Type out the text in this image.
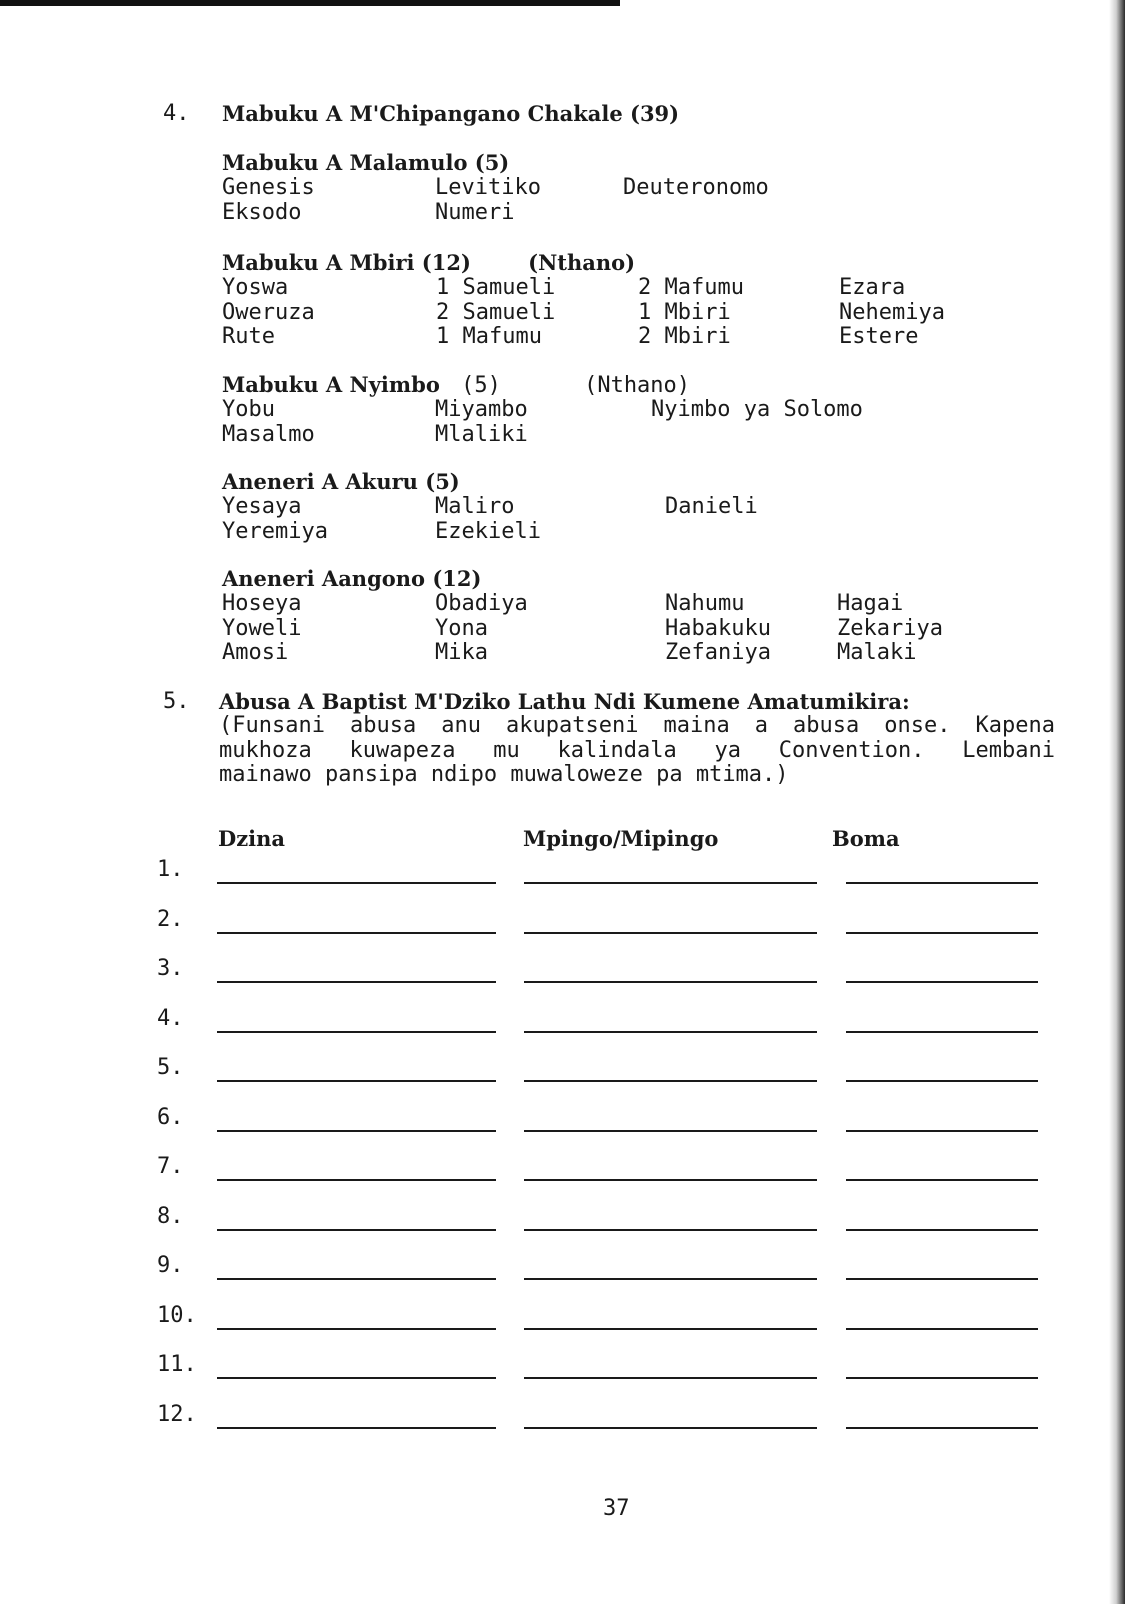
4. Mabuku A M'Chipangano Chakale (39)
Mabuku A Malamulo (5)
Genesis	Levitiko	Deuteronomo
Eksodo	Numeri
Mabuku A Mbiri (12)	(Nthano)
Yoswa	1 Samueli	2 Mafumu	Ezara
Oweruza	2 Samueli	1 Mbiri	Nehemiya
Rute	1 Mafumu	2 Mbiri	Estere
Mabuku A Nyimbo (5)	(Nthano)
Yobu	Miyambo	Nyimbo ya Solomo
Masalmo	Mlaliki
Aneneri A Akuru (5)
Yesaya	Maliro	Danieli
Yeremiya	Ezekieli
Aneneri Aangono (12)
Hoseya	Obadiya	Nahumu	Hagai
Yoweli	Yona	Habakuku	Zekariya
Amosi	Mika	Zefaniya	Malaki
5. Abusa A Baptist M'Dziko Lathu Ndi Kumene Amatumikira:
(Funsani abusa anu akupatseni maina a abusa onse. Kapena
mukhoza kuwapeza mu kalindala ya Convention. Lembani
mainawo pansipa ndipo muwaloweze pa mtima.)
Dzina	Mpingo/Mipingo	Boma
1.
2.
3.
4.
5.
6.
7.
8.
9.
10.
11.
12.
37
